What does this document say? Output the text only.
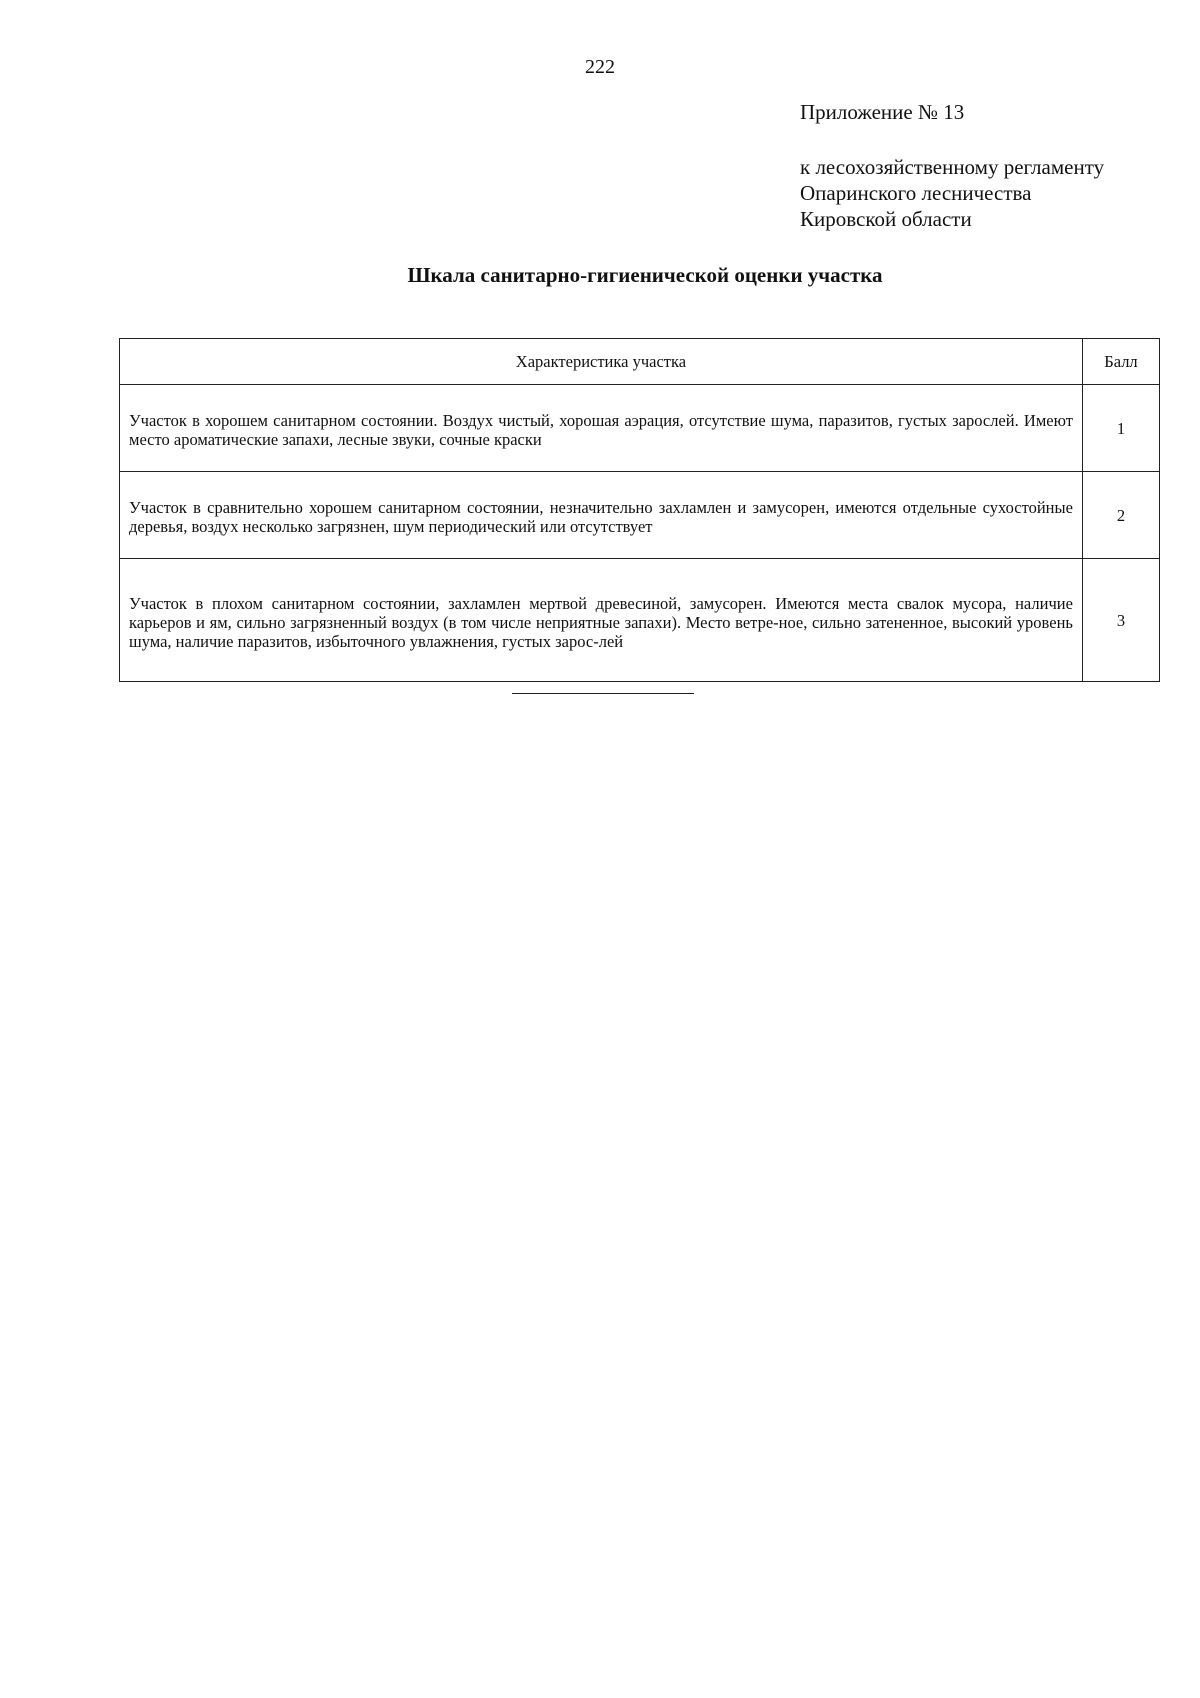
222
Приложение № 13
к лесохозяйственному регламенту
Опаринского лесничества
Кировской области
Шкала санитарно-гигиенической оценки участка
Характеристика участка	Балл
Участок в хорошем санитарном состоянии. Воздух чистый, хорошая аэрация, отсутствие шума, паразитов, густых зарослей. Имеют место ароматические запахи, лесные звуки, сочные краски	1
Участок в сравнительно хорошем санитарном состоянии, незначительно захламлен и замусорен, имеются отдельные сухостойные деревья, воздух несколько загрязнен, шум периодический или отсутствует	2
Участок в плохом санитарном состоянии, захламлен мертвой древесиной, замусорен. Имеются места свалок мусора, наличие карьеров и ям, сильно загрязненный воздух (в том числе неприятные запахи). Место ветре-ное, сильно затененное, высокий уровень шума, наличие паразитов, избыточного увлажнения, густых зарос-лей	3
